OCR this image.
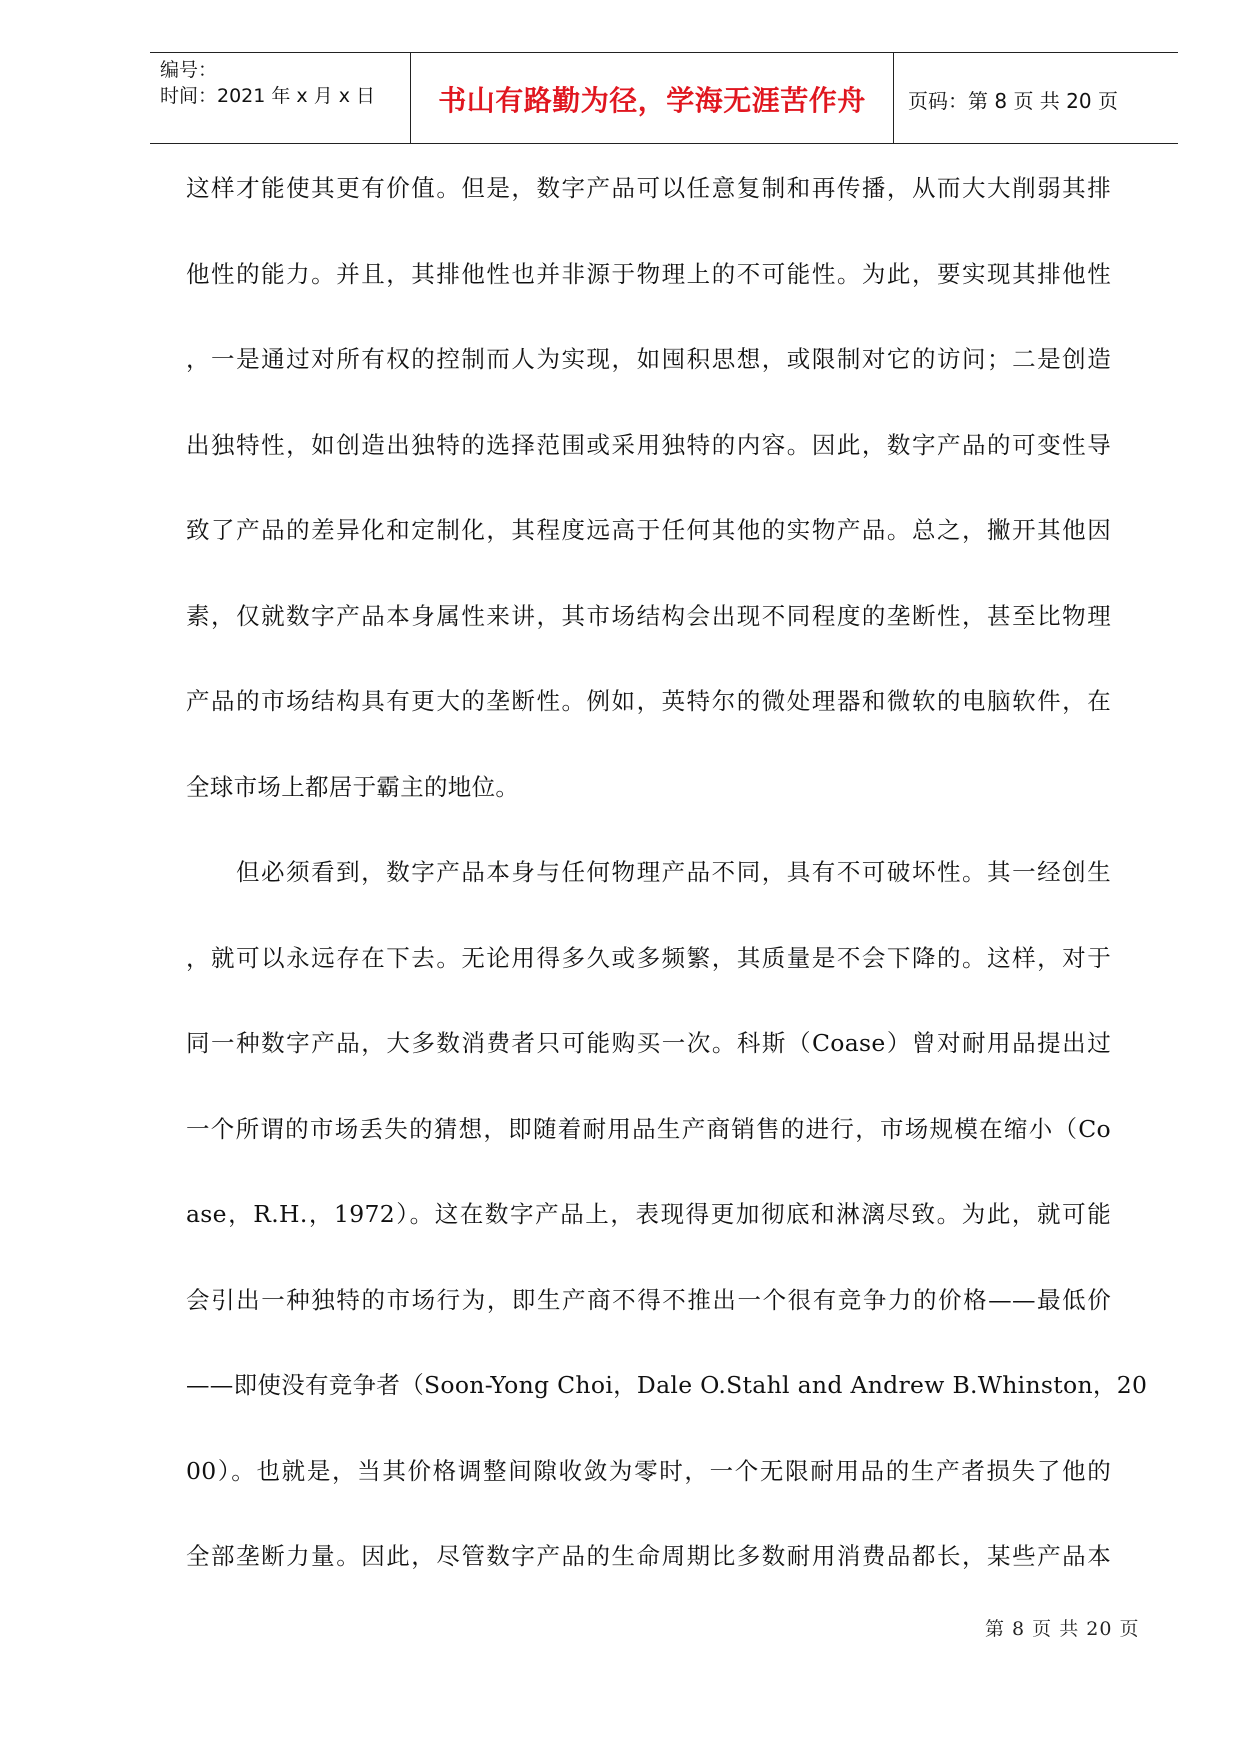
编号：
时间：2021 年 x 月 x 日	书山有路勤为径，学海无涯苦作舟	页码：第 8 页 共 20 页
这样才能使其更有价值。但是，数字产品可以任意复制和再传播，从而大大削弱其排
他性的能力。并且，其排他性也并非源于物理上的不可能性。为此，要实现其排他性
，一是通过对所有权的控制而人为实现，如囤积思想，或限制对它的访问；二是创造
出独特性，如创造出独特的选择范围或采用独特的内容。因此，数字产品的可变性导
致了产品的差异化和定制化，其程度远高于任何其他的实物产品。总之，撇开其他因
素，仅就数字产品本身属性来讲，其市场结构会出现不同程度的垄断性，甚至比物理
产品的市场结构具有更大的垄断性。例如，英特尔的微处理器和微软的电脑软件，在
全球市场上都居于霸主的地位。
但必须看到，数字产品本身与任何物理产品不同，具有不可破坏性。其一经创生
，就可以永远存在下去。无论用得多久或多频繁，其质量是不会下降的。这样，对于
同一种数字产品，大多数消费者只可能购买一次。科斯（Coase）曾对耐用品提出过
一个所谓的市场丢失的猜想，即随着耐用品生产商销售的进行，市场规模在缩小（Co
ase，R.H.，1972）。这在数字产品上，表现得更加彻底和淋漓尽致。为此，就可能
会引出一种独特的市场行为，即生产商不得不推出一个很有竞争力的价格——最低价
——即使没有竞争者（Soon-Yong Choi，Dale O.Stahl and Andrew B.Whinston，20
00）。也就是，当其价格调整间隙收敛为零时，一个无限耐用品的生产者损失了他的
全部垄断力量。因此，尽管数字产品的生命周期比多数耐用消费品都长，某些产品本
第 8 页 共 20 页
